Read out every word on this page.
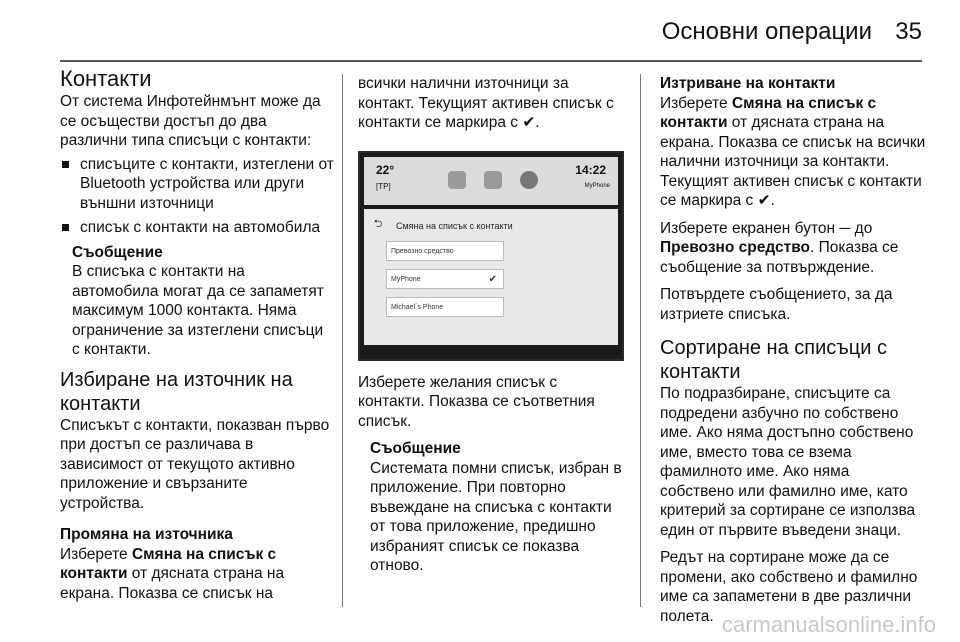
Основни операции 35
Контакти

От система Инфотейнмънт може да се осъществи достъп до два различни типа списъци с контакти:

списъците с контакти, изтеглени от Bluetooth устройства или други външни източници
списък с контакти на автомобила

Съобщение

В списъка с контакти на автомобила могат да се запаметят максимум 1000 контакта. Няма ограничение за изтеглени списъци с контакти.

Избиране на източник на контакти

Списъкът с контакти, показван първо при достъп се различава в зависимост от текущото активно приложение и свързаните устройства.

Промяна на източника

Изберете Смяна на списък с контакти от дясната страна на екрана. Показва се списък на

всички налични източници за контакт. Текущият активен списък с контакти се маркира с ✔.

22°
[TP]
14:22
MyPhone
⮌	Смяна на списък с контакти
Превозно средство
MyPhone	✔
Michael´s Phone

Изберете желания списък с контакти. Показва се съответния списък.

Съобщение

Системата помни списък, избран в приложение. При повторно въвеждане на списъка с контакти от това приложение, предишно избраният списък се показва отново.

Изтриване на контакти

Изберете Смяна на списък с контакти от дясната страна на екрана. Показва се списък на всички налични източници за контакти. Текущият активен списък с контакти се маркира с ✔.

Изберете екранен бутон ─ до Превозно средство. Показва се съобщение за потвърждение.

Потвърдете съобщението, за да изтриете списъка.

Сортиране на списъци с контакти

По подразбиране, списъците са подредени азбучно по собствено име. Ако няма достъпно собствено име, вместо това се взема фамилното име. Ако няма собствено или фамилно име, като критерий за сортиране се използва един от първите въведени знаци.

Редът на сортиране може да се промени, ако собствено и фамилно име са запаметени в две различни полета. carmanualsonline.info
